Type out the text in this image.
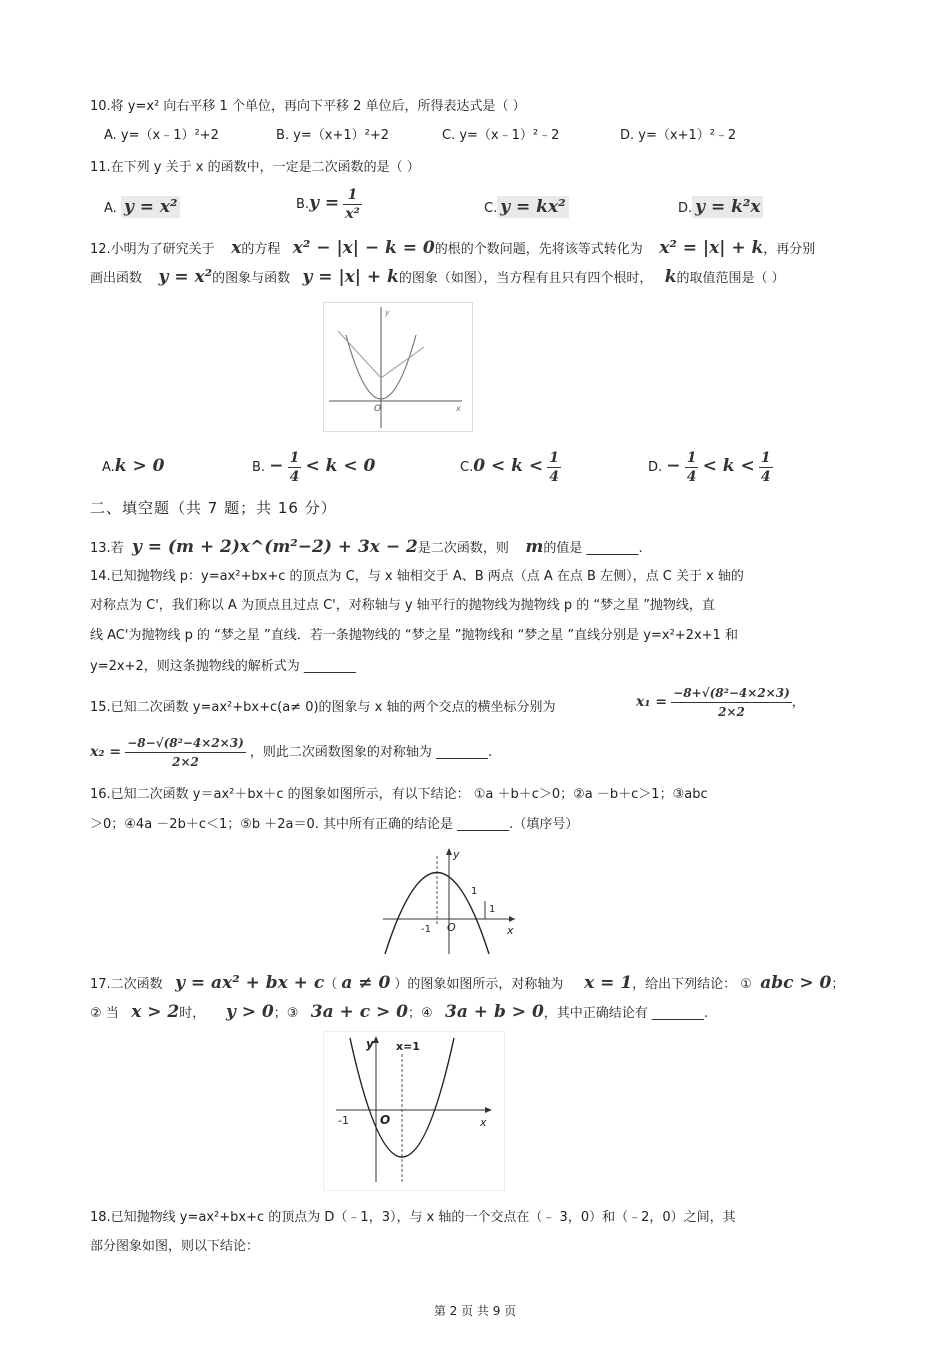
10.将 y=x² 向右平移 1 个单位，再向下平移 2 单位后，所得表达式是（ ）
A. y=（x﹣1）²+2	B. y=（x+1）²+2	C. y=（x﹣1）²﹣2	D. y=（x+1）²﹣2
11.在下列 y 关于 x 的函数中，一定是二次函数的是（ ）
A. y = x²	$B.y = \frac{1}{\text{x²}}$	C. y = kx²	D. y = k²x
12.小明为了研究关于 x的方程 x² − |x| − k = 0的根的个数问题，先将该等式转化为 x² = |x| + k，再分别
画出函数 y = x²的图象与函数 y = |x| + k的图象（如图），当方程有且只有四个根时， k的取值范围是（ ）
O	x
y
A.k > 0	B. − $\frac{1}{4} < k < 0$	$C.0 < k < \frac{1}{4}$	D. − $\frac{1}{4} < k < \frac{1}{4}$
二、填空题（共 7 题；共 16 分）
13.若 y = (m + 2)x^(m²−2) + 3x − 2是二次函数，则 m的值是 ________.
14.已知抛物线 p：y=ax²+bx+c 的顶点为 C，与 x 轴相交于 A、B 两点（点 A 在点 B 左侧），点 C 关于 x 轴的
对称点为 C'，我们称以 A 为顶点且过点 C'，对称轴与 y 轴平行的抛物线为抛物线 p 的 “梦之星 ”抛物线，直
线 AC'为抛物线 p 的 “梦之星 ”直线．若一条抛物线的 “梦之星 ”抛物线和 “梦之星 ”直线分别是 y=x²+2x+1 和
y=2x+2，则这条抛物线的解析式为 ________
15.已知二次函数 y=ax²+bx+c(a≠ 0)的图象与 x 轴的两个交点的横坐标分别为	$x_1 = \frac{\text{−8+√(8²−4×2×3)}}{2\times 2}$ ，
$x_2 = \frac{\text{−8−√(8²−4×2×3)}}{2\times 2}$ ，则此二次函数图象的对称轴为 ________.
16.已知二次函数 y＝ax²＋bx＋c 的图象如图所示，有以下结论： ①a ＋b＋c＞0；②a －b＋c＞1；③abc
＞0；④4a －2b＋c＜1；⑤b ＋2a＝0. 其中所有正确的结论是 ________.（填序号）
y
x
O
-1
1
1
17.二次函数 y = ax² + bx + c（ a ≠ 0 ）的图象如图所示，对称轴为 x = 1，给出下列结论： ① abc > 0；
② 当 x > 2时， y > 0；③ 3a + c > 0；④ 3a + b > 0，其中正确结论有 ________.
y
x
O
-1
x=1
18.已知抛物线 y=ax²+bx+c 的顶点为 D（﹣1，3），与 x 轴的一个交点在（﹣ 3，0）和（﹣2，0）之间，其
部分图象如图，则以下结论：
第 2 页 共 9 页
